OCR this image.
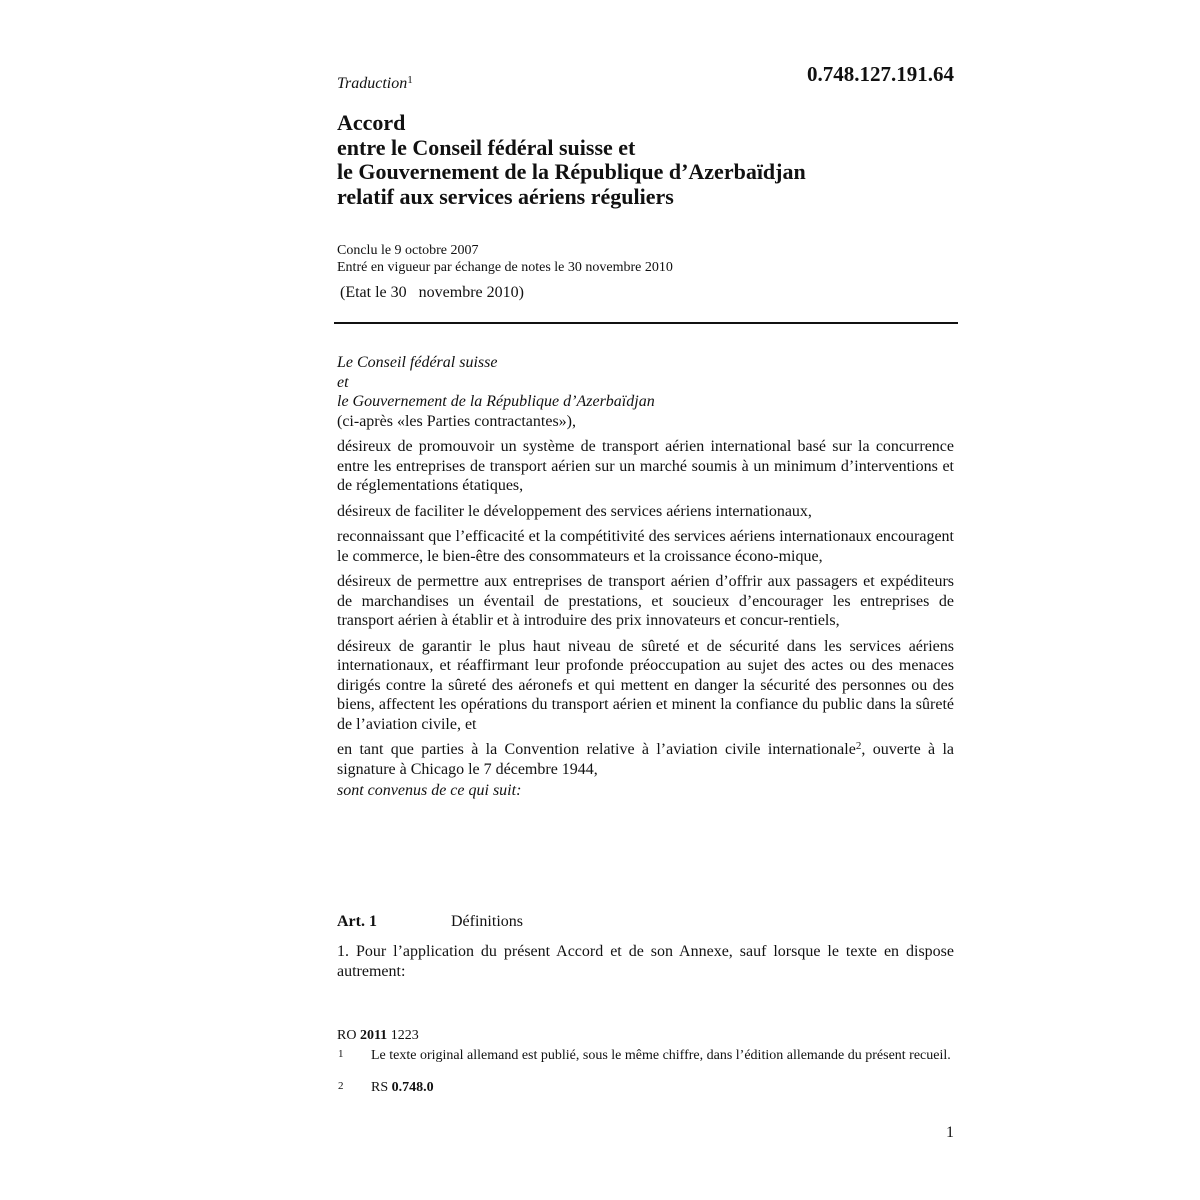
0.748.127.191.64
Traduction$^1$
Accord
entre le Conseil fédéral suisse et
le Gouvernement de la République d’Azerbaïdjan
relatif aux services aériens réguliers
Conclu le 9 octobre 2007
Entré en vigueur par échange de notes le 30 novembre 2010
(Etat le 30   novembre 2010)

Le Conseil fédéral suisse

et

le Gouvernement de la République d’Azerbaïdjan

(ci-après «les Parties contractantes»),

désireux de promouvoir un système de transport aérien international basé sur la concurrence entre les entreprises de transport aérien sur un marché soumis à un minimum d’interventions et de réglementations étatiques,

désireux de faciliter le développement des services aériens internationaux,

reconnaissant que l’efficacité et la compétitivité des services aériens internationaux encouragent le commerce, le bien-être des consommateurs et la croissance écono-mique,

désireux de permettre aux entreprises de transport aérien d’offrir aux passagers et expéditeurs de marchandises un éventail de prestations, et soucieux d’encourager les entreprises de transport aérien à établir et à introduire des prix innovateurs et concur-rentiels,

désireux de garantir le plus haut niveau de sûreté et de sécurité dans les services aériens internationaux, et réaffirmant leur profonde préoccupation au sujet des actes ou des menaces dirigés contre la sûreté des aéronefs et qui mettent en danger la sécurité des personnes ou des biens, affectent les opérations du transport aérien et minent la confiance du public dans la sûreté de l’aviation civile, et

en tant que parties à la Convention relative à l’aviation civile internationale$^2$, ouverte à la signature à Chicago le 7 décembre 1944,

sont convenus de ce qui suit:

Art. 1	Définitions
1. Pour l’application du présent Accord et de son Annexe, sauf lorsque le texte en dispose autrement:
RO 2011 1223
1 Le texte original allemand est publié, sous le même chiffre, dans l’édition allemande du présent recueil.
2 RS 0.748.0
1
